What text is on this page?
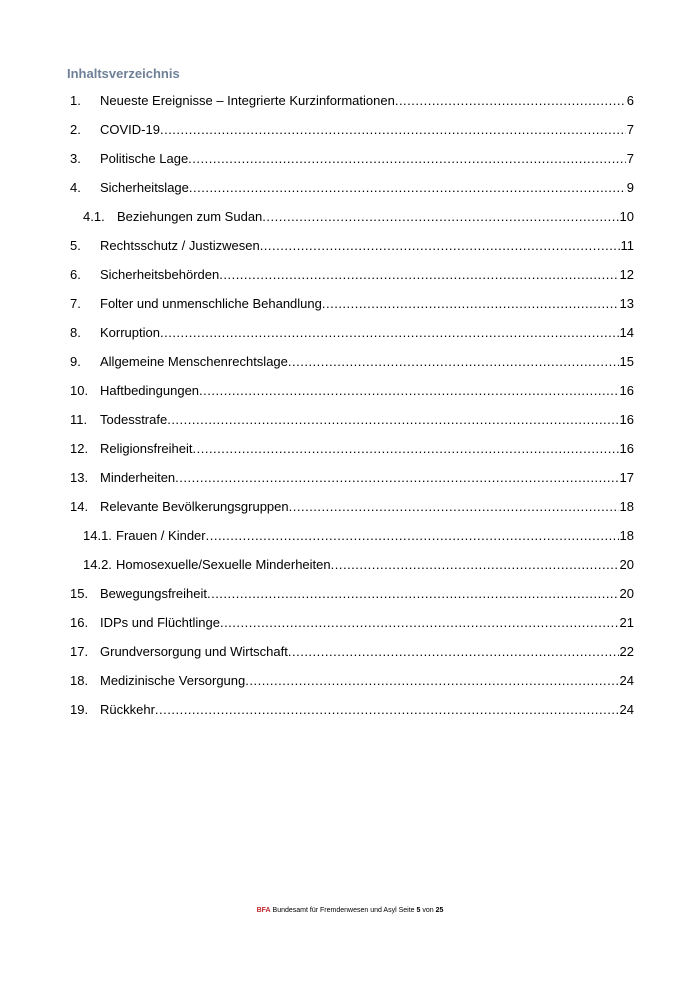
Inhaltsverzeichnis
1.	Neueste Ereignisse – Integrierte Kurzinformationen .....	6
2.	COVID-19 .....	7
3.	Politische Lage .....	7
4.	Sicherheitslage .....	9
4.1. Beziehungen zum Sudan .....	10
5.	Rechtsschutz / Justizwesen .....	11
6.	Sicherheitsbehörden .....	12
7.	Folter und unmenschliche Behandlung .....	13
8.	Korruption .....	14
9.	Allgemeine Menschenrechtslage .....	15
10. Haftbedingungen .....	16
11. Todesstrafe .....	16
12. Religionsfreiheit .....	16
13. Minderheiten .....	17
14. Relevante Bevölkerungsgruppen .....	18
14.1. Frauen / Kinder .....	18
14.2. Homosexuelle/Sexuelle Minderheiten .....	20
15. Bewegungsfreiheit .....	20
16. IDPs und Flüchtlinge .....	21
17. Grundversorgung und Wirtschaft .....	22
18. Medizinische Versorgung .....	24
19. Rückkehr .....	24
BFA Bundesamt für Fremdenwesen und Asyl Seite 5 von 25
